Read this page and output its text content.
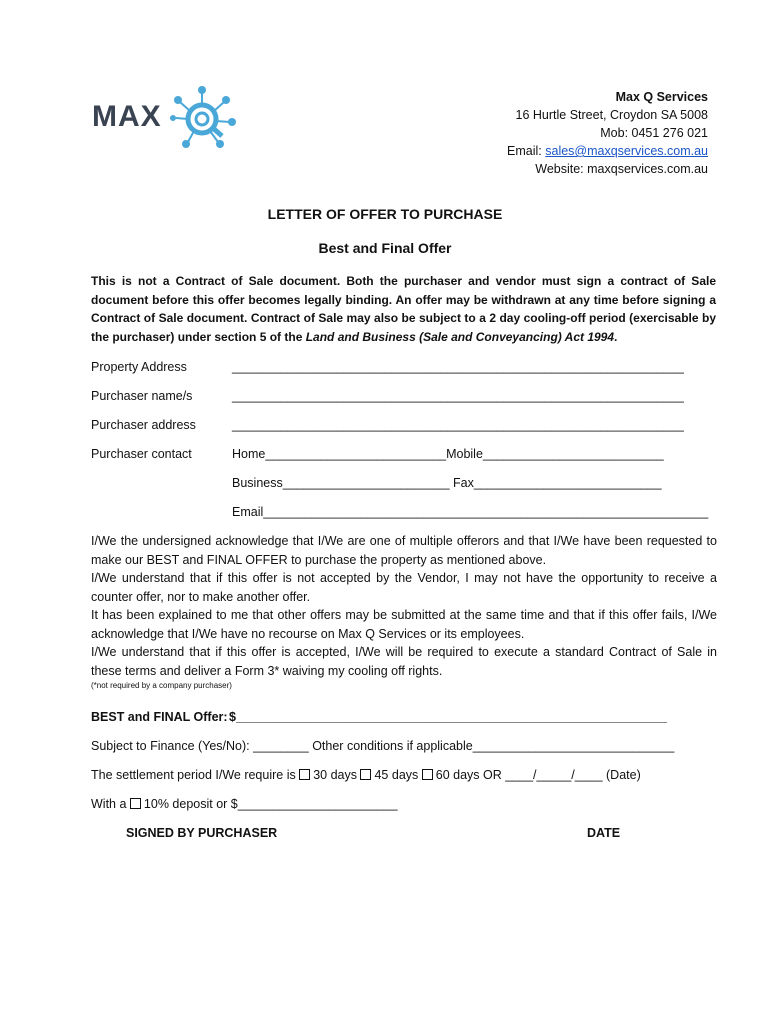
MAX
Max Q Services
16 Hurtle Street, Croydon SA 5008
Mob: 0451 276 021
Email: sales@maxqservices.com.au
Website: maxqservices.com.au
LETTER OF OFFER TO PURCHASE
Best and Final Offer
This is not a Contract of Sale document. Both the purchaser and vendor must sign a contract of Sale document before this offer becomes legally binding. An offer may be withdrawn at any time before signing a Contract of Sale document. Contract of Sale may also be subject to a 2 day cooling-off period (exercisable by the purchaser) under section 5 of the Land and Business (Sale and Conveyancing) Act 1994.
Property Address	_________________________________________________________________
Purchaser name/s	_________________________________________________________________
Purchaser address	_________________________________________________________________
Purchaser contact	Home__________________________Mobile__________________________
Business________________________ Fax___________________________
Email________________________________________________________________

I/We the undersigned acknowledge that I/We are one of multiple offerors and that I/We have been requested to make our BEST and FINAL OFFER to purchase the property as mentioned above.

I/We understand that if this offer is not accepted by the Vendor, I may not have the opportunity to receive a counter offer, nor to make another offer.

It has been explained to me that other offers may be submitted at the same time and that if this offer fails, I/We acknowledge that I/We have no recourse on Max Q Services or its employees.

I/We understand that if this offer is accepted, I/We will be required to execute a standard Contract of Sale in these terms and deliver a Form 3* waiving my cooling off rights.

(*not required by a company purchaser)
BEST and FINAL Offer: $______________________________________________________________
Subject to Finance (Yes/No): ________ Other conditions if applicable_____________________________
The settlement period I/We require is 30 days 45 days 60 days OR ____/_____/____ (Date)
With a 10% deposit or $_______________________
SIGNED BY PURCHASER	DATE
